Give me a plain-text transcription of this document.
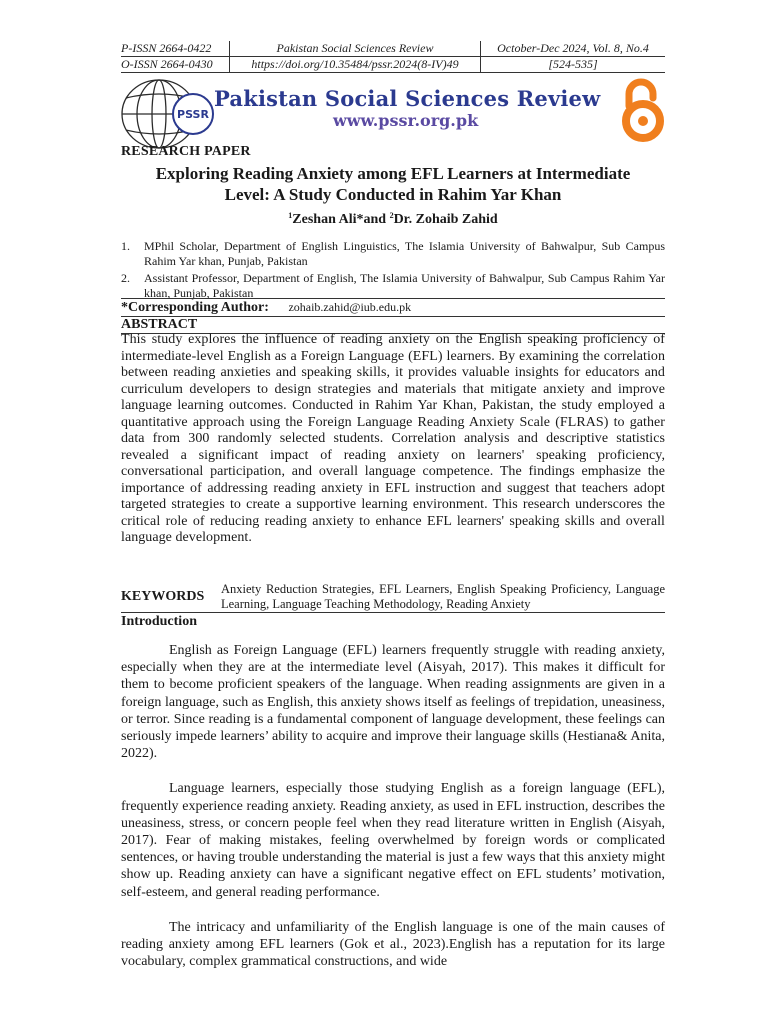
P-ISSN 2664-0422	Pakistan Social Sciences Review	October-Dec 2024, Vol. 8, No.4
O-ISSN 2664-0430	https://doi.org/10.35484/pssr.2024(8-IV)49	[524-535]
PSSR
Pakistan Social Sciences Review
www.pssr.org.pk
RESEARCH PAPER
Exploring Reading Anxiety among EFL Learners at Intermediate
Level: A Study Conducted in Rahim Yar Khan
$^1$Zeshan Ali*and $^2$Dr. Zohaib Zahid
1. MPhil Scholar, Department of English Linguistics, The Islamia University of Bahwalpur, Sub Campus Rahim Yar khan, Punjab, Pakistan
2. Assistant Professor, Department of English, The Islamia University of Bahwalpur, Sub Campus Rahim Yar khan, Punjab, Pakistan
*Corresponding Author: zohaib.zahid@iub.edu.pk
ABSTRACT
This study explores the influence of reading anxiety on the English speaking proficiency of intermediate-level English as a Foreign Language (EFL) learners. By examining the correlation between reading anxieties and speaking skills, it provides valuable insights for educators and curriculum developers to design strategies and materials that mitigate anxiety and improve language learning outcomes. Conducted in Rahim Yar Khan, Pakistan, the study employed a quantitative approach using the Foreign Language Reading Anxiety Scale (FLRAS) to gather data from 300 randomly selected students. Correlation analysis and descriptive statistics revealed a significant impact of reading anxiety on learners' speaking proficiency, conversational participation, and overall language competence. The findings emphasize the importance of addressing reading anxiety in EFL instruction and suggest that teachers adopt targeted strategies to create a supportive learning environment. This research underscores the critical role of reducing reading anxiety to enhance EFL learners' speaking skills and overall language development.
KEYWORDS Anxiety Reduction Strategies, EFL Learners, English Speaking Proficiency, Language Learning, Language Teaching Methodology, Reading Anxiety
Introduction

English as Foreign Language (EFL) learners frequently struggle with reading anxiety, especially when they are at the intermediate level (Aisyah, 2017). This makes it difficult for them to become proficient speakers of the language. When reading assignments are given in a foreign language, such as English, this anxiety shows itself as feelings of trepidation, uneasiness, or terror. Since reading is a fundamental component of language development, these feelings can seriously impede learners’ ability to acquire and improve their language skills (Hestiana& Anita, 2022).

Language learners, especially those studying English as a foreign language (EFL), frequently experience reading anxiety. Reading anxiety, as used in EFL instruction, describes the uneasiness, stress, or concern people feel when they read literature written in English (Aisyah, 2017). Fear of making mistakes, feeling overwhelmed by foreign words or complicated sentences, or having trouble understanding the material is just a few ways that this anxiety might show up. Reading anxiety can have a significant negative effect on EFL students’ motivation, self-esteem, and general reading performance.

The intricacy and unfamiliarity of the English language is one of the main causes of reading anxiety among EFL learners (Gok et al., 2023).English has a reputation for its large vocabulary, complex grammatical constructions, and wide
